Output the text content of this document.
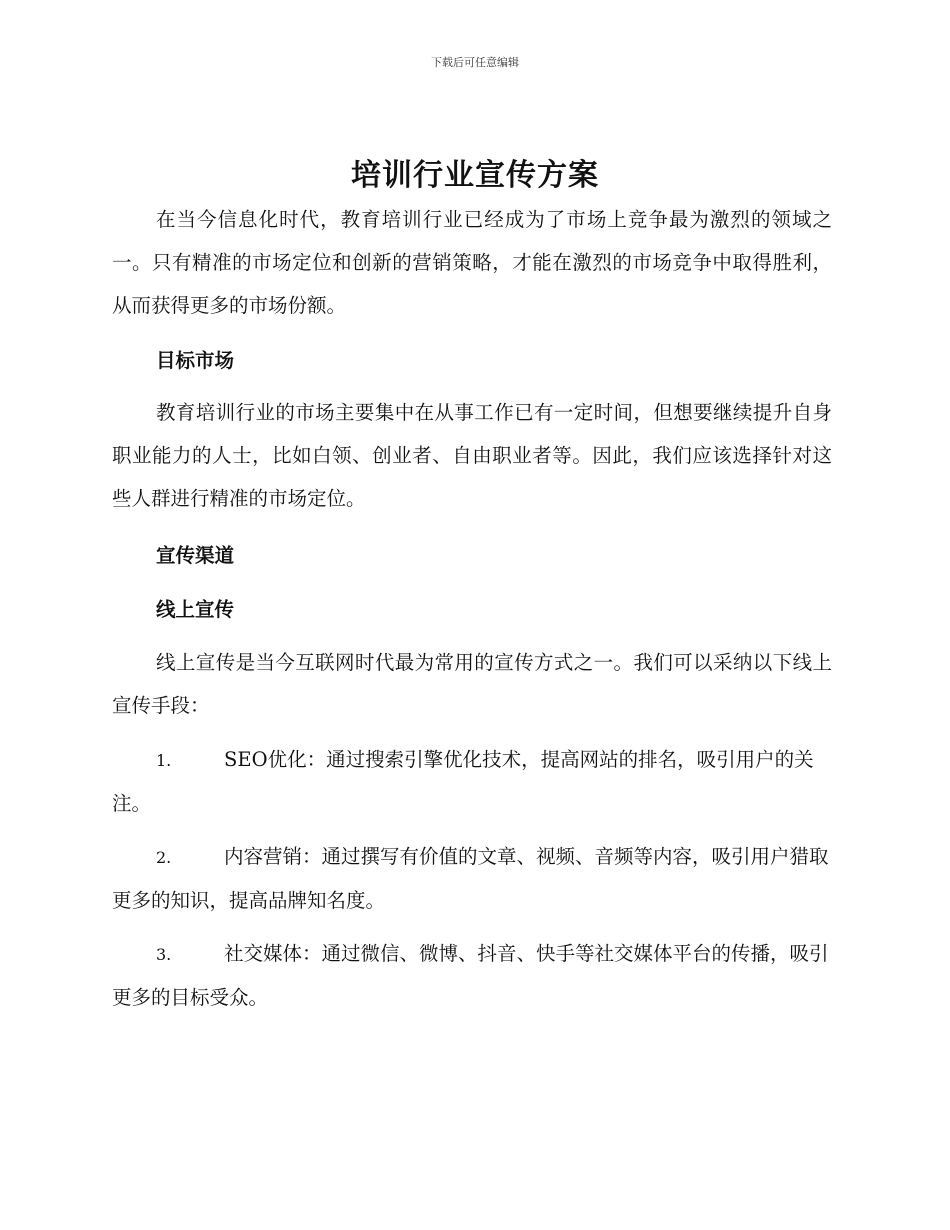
下载后可任意编辑
培训行业宣传方案
在当今信息化时代，教育培训行业已经成为了市场上竞争最为激烈的领域之一。只有精准的市场定位和创新的营销策略，才能在激烈的市场竞争中取得胜利，从而获得更多的市场份额。
目标市场
教育培训行业的市场主要集中在从事工作已有一定时间，但想要继续提升自身职业能力的人士，比如白领、创业者、自由职业者等。因此，我们应该选择针对这些人群进行精准的市场定位。
宣传渠道
线上宣传
线上宣传是当今互联网时代最为常用的宣传方式之一。我们可以采纳以下线上宣传手段：
1.	SEO优化：通过搜索引擎优化技术，提高网站的排名，吸引用户的关注。
2.	内容营销：通过撰写有价值的文章、视频、音频等内容，吸引用户猎取更多的知识，提高品牌知名度。
3.	社交媒体：通过微信、微博、抖音、快手等社交媒体平台的传播，吸引更多的目标受众。
